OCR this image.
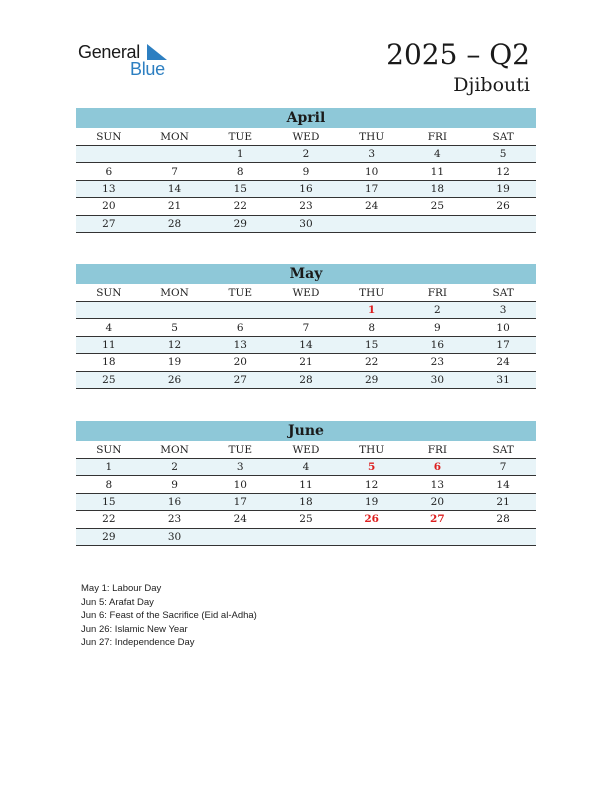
General
Blue	2025 – Q2
Djibouti
April
SUN	MON	TUE	WED	THU	FRI	SAT
		1	2	3	4	5
6	7	8	9	10	11	12
13	14	15	16	17	18	19
20	21	22	23	24	25	26
27	28	29	30			
May
SUN	MON	TUE	WED	THU	FRI	SAT
				1	2	3
4	5	6	7	8	9	10
11	12	13	14	15	16	17
18	19	20	21	22	23	24
25	26	27	28	29	30	31
June
SUN	MON	TUE	WED	THU	FRI	SAT
1	2	3	4	5	6	7
8	9	10	11	12	13	14
15	16	17	18	19	20	21
22	23	24	25	26	27	28
29	30					
May 1: Labour Day
Jun 5: Arafat Day
Jun 6: Feast of the Sacrifice (Eid al-Adha)
Jun 26: Islamic New Year
Jun 27: Independence Day
